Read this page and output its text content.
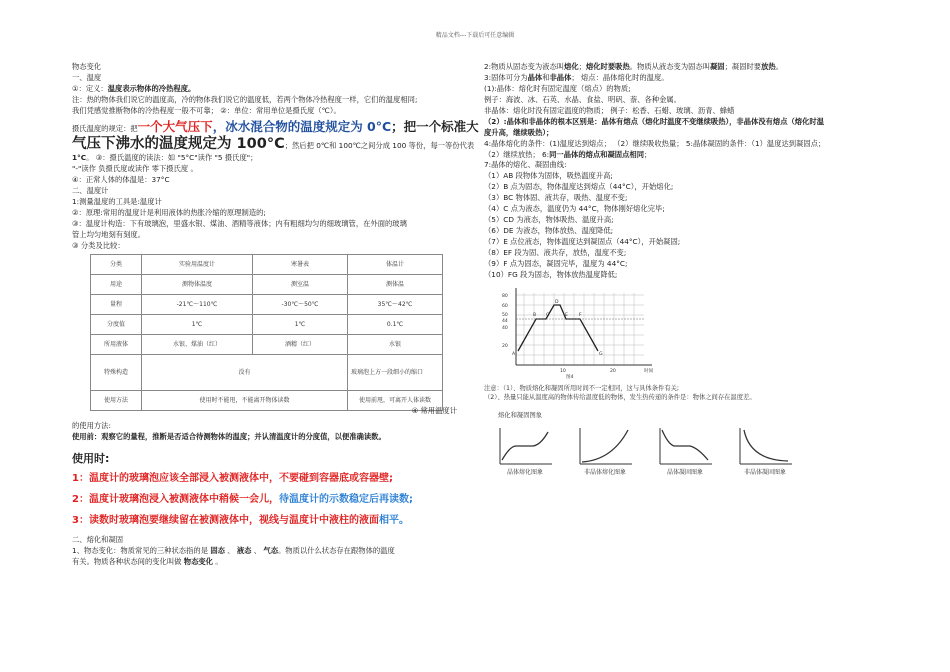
精品文档---下载后可任意编辑

物态变化

一、温度

①：定义：温度表示物体的冷热程度。

注：热的物体我们说它的温度高，冷的物体我们说它的温度低，若两个物体冷热程度一样，它们的温度相同;

我们凭感觉推断物体的冷热程度一般不可靠； ②：单位：常用单位是摄氏度（℃）。

摄氏温度的规定：把一个大气压下，冰水混合物的温度规定为 0°C；把一个标准大

气压下沸水的温度规定为 100°C；然后把 0℃和 100℃之间分成 100 等份，每一等份代表

1°C。 ③：摄氏温度的读法：如 "5°C"读作 "5 摄氏度"；

"-"读作 负摄氏度或读作 零下摄氏度 。

④：正常人体的体温是：37°C

二、温度计

1:测量温度的工具是:温度计

②：原理:常用的温度计是利用液体的热胀冷缩的原理制造的;

③：温度计构造：下有玻璃泡，里盛水银、煤油、酒精等液体；内有粗细均匀的细玻璃管，在外面的玻璃

管上均匀地刻有刻度。

③ 分类及比较：

分类	实验用温度计	寒暑表	体温计
用途	测物体温度	测室温	测体温
量程	-21℃～110℃	-30℃～50℃	35℃～42℃
分度值	1℃	1℃	0.1℃
所用液体	水银、煤油（红）	酒精（红）	水银
特殊构造	没有		玻璃泡上方一段细小的缩口
使用方法	使用时不能甩，不能离开物体读数		使用前甩，可离开人体读数

④ 常用温度计

的使用方法:

使用前：观察它的量程，推断是否适合待测物体的温度；并认清温度计的分度值，以便准确读数。

使用时:

1：温度计的玻璃泡应该全部浸入被测液体中，不要碰到容器底或容器壁;

2：温度计玻璃泡浸入被测液体中稍候一会儿，待温度计的示数稳定后再读数;

3：读数时玻璃泡要继续留在被测液体中，视线与温度计中液柱的液面相平。

二、熔化和凝固

1、物态变化：物质常见的三种状态指的是 固态 、 液态 、 气态。物质以什么状态存在跟物体的温度

有关。物质各种状态间的变化叫做 物态变化 。

2:物质从固态变为液态叫熔化；熔化时要吸热。物质从液态变为固态叫凝固；凝固时要放热。

3:固体可分为晶体和非晶体； 熔点：晶体熔化时的温度。

(1):晶体：熔化时有固定温度（熔点）的物质;

例子：海波、冰、石英、水晶、食盐、明矾、萘、各种金属。

非晶体：熔化时没有固定温度的物质； 例子：松香、石蜡、玻璃、沥青、蜂蜡

（2）:晶体和非晶体的根本区别是：晶体有熔点（熔化时温度不变继续吸热），非晶体没有熔点（熔化时温

度升高，继续吸热）；

4:晶体熔化的条件：(1)温度达到熔点； （2）继续吸收热量； 5:晶体凝固的条件：（1）温度达到凝固点；

（2）继续放热； 6:同一晶体的熔点和凝固点相同；

7:晶体的熔化、凝固曲线:

（1）AB 段物体为固体，吸热温度升高;

（2）B 点为固态，物体温度达到熔点（44°C），开始熔化;

（3）BC 物体固、液共存，吸热、温度不变;

（4）C 点为液态，温度仍为 44°C，物体刚好熔化完毕;

（5）CD 为液态，物体吸热、温度升高;

（6）DE 为液态，物体放热、温度降低;

（7）E 点位液态，物体温度达到凝固点（44°C），开始凝固;

（8）EF 段为固、液共存，放热，温度不变;

（9）F 点为固态，凝固完毕，温度为 44°C;

（10）FG 段为固态，物体放热温度降低;

80
60
50
44
40
20
10	20	时间
图4
A
B C
D
E F
G

注意：（1）、物质熔化和凝固所用时间不一定相同，这与具体条件有关;

（2）、热量只能从温度高的物体传给温度低的物体，发生热传递的条件是：物体之间存在温度差。

熔化和凝固图象

晶体熔化图象	非晶体熔化图象	晶体凝固图象	非晶体凝固图象
